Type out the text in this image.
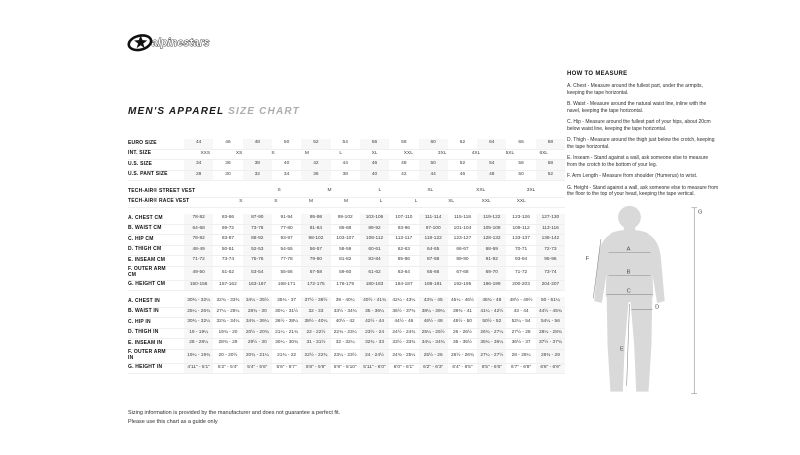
alpinestars
MEN'S APPAREL SIZE CHART
EURO SIZE	44	46	48	50	52	54	56	58	60	62	64	66	68
INT. SIZE	XXS	XS	S	M	L	XL	XXL	3XL	4XL	5XL	6XL
U.S. SIZE	34	36	38	40	42	44	46	48	50	52	54	56	58
U.S. PANT SIZE	28	30	32	34	36	38	40	42	44	46	48	50	52
TECH-AIR® STREET VEST	S	M	L	XL	XXL	3XL
TECH-AIR® RACE VEST	S	S	M	M	L	L	XL	XXL	XXL
A. CHEST CM	78-82	83-86	87-90	91-94	95-98	99-102	103-106	107-110	111-114	115-118	119-122	123-126	127-130
B. WAIST CM	64-68	69-72	73-76	77-80	81-84	85-88	89-92	93-96	97-100	101-104	105-108	109-112	113-116
C. HIP CM	78-82	83-87	88-92	93-97	98-102	103-107	108-112	113-117	118-122	123-127	128-132	133-137	138-142
D. THIGH CM	48-49	50-51	52-53	54-55	56-57	58-59	60-61	62-63	64-65	66-67	68-69	70-71	72-73
E. INSEAM CM	71-72	73-74	75-76	77-78	79-80	81-82	83-84	85-86	87-88	89-90	91-92	93-94	95-96
F. OUTER ARM
CM	49-50	51-52	53-54	55-56	57-58	59-60	61-62	63-64	65-66	67-68	69-70	71-72	73-74
G. HEIGHT CM	150-156	157-162	163-167	168-171	172-175	176-179	180-183	184-187	188-191	192-195	196-199	200-203	204-207
A. CHEST IN	30¾ - 32¼	32¾ - 33¾	34¼ - 35½	35¾ - 37	37½ - 38½	39 - 40¼	40½ - 41¾	42¼ - 43¼	43¾ - 45	45¼ - 46½	46¾ - 48	48½ - 49½	50 - 51¼
B. WAIST IN	25¼ - 26¾	27¼ - 28¼	28¾ - 30	30¼ - 31½	32 - 33	33½ - 34¾	35 - 36¼	36½ - 37¾	38¼ - 39¼	39¾ - 41	41¼ - 42½	43 - 44	44½ - 45¾
C. HIP IN	30¾ - 32¼	32¾ - 34¼	34¾ - 36¼	36½ - 38¼	38½ - 40¼	40½ - 42	42½ - 44	44½ - 46	46½ - 48	48½ - 50	50½ - 52	52¼ - 54	54¼ - 56
D. THIGH IN	19 - 19¼	19¾ - 20	20½ - 20¾	21¼ - 21¾	22 - 22½	22¾ - 23¼	23½ - 24	24½ - 24¾	25¼ - 25½	26 - 26½	26¾ - 27¼	27½ - 28	28¼ - 28¾
E. INSEAM IN	28 - 28¼	28¾ - 29	29½ - 30	30¼ - 30¾	31 - 31½	32 - 32¼	32¾ - 33	33½ - 33¾	34¼ - 34¾	35 - 35½	35¾ - 36¼	36½ - 37	37½ - 37¾
F. OUTER ARM
IN	19¼ - 19¾	20 - 20½	20¾ - 21¼	21¾ - 22	22½ - 22¾	23¼ - 23½	24 - 24½	24¾ - 25¼	25½ - 26	26½ - 26¾	27¼ - 27½	28 - 28¼	28¾ - 29
G. HEIGHT IN	4'11" - 5'1"	5'2" - 5'4"	5'4" - 5'6"	5'6" - 5'7"	5'8" - 5'9"	5'9" - 5'10"	5'11" - 6'0"	6'0" - 6'1"	6'2" - 6'3"	6'4" - 6'5"	6'5" - 6'6"	6'7" - 6'8"	6'8" - 6'9"
HOW TO MEASURE

A. Chest - Measure around the fullest part, under the armpits, keeping the tape horizontal.

B. Waist - Measure around the natural waist line, inline with the navel, keeping the tape horizontal.

C. Hip - Measure around the fullest part of your hips, about 20cm below waist line, keeping the tape horizontal.

D. Thigh - Measure around the thigh just below the crotch, keeping the tape horizontal.

E. Inseam - Stand against a wall, ask someone else to measure from the crotch to the bottom of your leg.

F. Arm Length - Measure from shoulder (Humerus) to wrist.

G. Height - Stand against a wall, ask someone else to measure from the floor to the top of your head, keeping the tape vertical.

G
F
A
B
C
D
E
Sizing information is provided by the manufacturer and does not guarantee a perfect fit.
Please use this chart as a guide only
